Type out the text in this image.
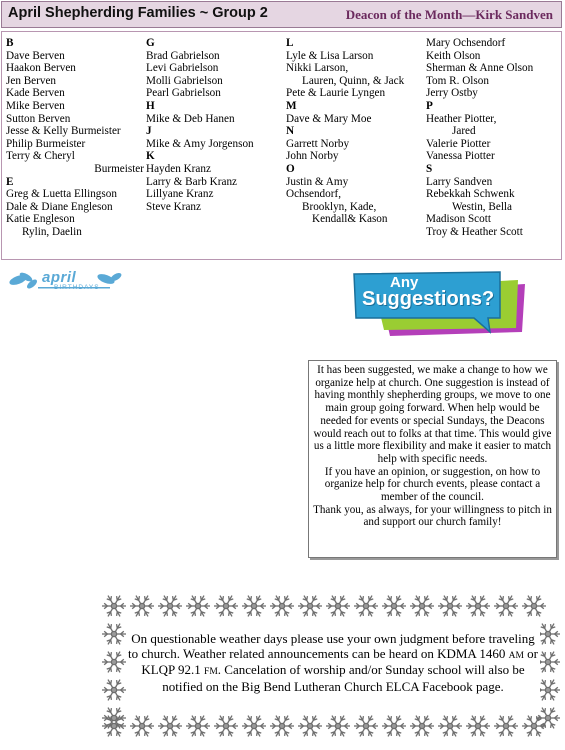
April Shepherding Families ~ Group 2	Deacon of the Month—Kirk Sandven
B
Dave Berven
Haakon Berven
Jen Berven
Kade Berven
Mike Berven
Sutton Berven
Jesse & Kelly Burmeister
Philip Burmeister
Terry & Cheryl
Burmeister
E
Greg & Luetta Ellingson
Dale & Diane Engleson
Katie Engleson
Rylin, Daelin
G
Brad Gabrielson
Levi Gabrielson
Molli Gabrielson
Pearl Gabrielson
H
Mike & Deb Hanen
J
Mike & Amy Jorgenson
K
Hayden Kranz
Larry & Barb Kranz
Lillyane Kranz
Steve Kranz
L
Lyle & Lisa Larson
Nikki Larson,
Lauren, Quinn, & Jack
Pete & Laurie Lyngen
M
Dave & Mary Moe
N
Garrett Norby
John Norby
O
Justin & Amy
Ochsendorf,
Brooklyn, Kade,
Kendall& Kason
Mary Ochsendorf
Keith Olson
Sherman & Anne Olson
Tom R. Olson
Jerry Ostby
P
Heather Piotter,
Jared
Valerie Piotter
Vanessa Piotter
S
Larry Sandven
Rebekkah Schwenk
Westin, Bella
Madison Scott
Troy & Heather Scott
april
BIRTHDAYS	Any
Suggestions?

It has been suggested, we make a change to how we organize help at church. One suggestion is instead of having monthly shepherding groups, we move to one main group going forward. When help would be needed for events or special Sundays, the Deacons would reach out to folks at that time. This would give us a little more flexibility and make it easier to match help with specific needs.

If you have an opinion, or suggestion, on how to organize help for church events, please contact a member of the council.

Thank you, as always, for your willingness to pitch in and support our church family!

On questionable weather days please use your own judgment before traveling to church. Weather related announcements can be heard on KDMA 1460 AM or KLQP 92.1 FM. Cancelation of worship and/or Sunday school will also be notified on the Big Bend Lutheran Church ELCA Facebook page.
